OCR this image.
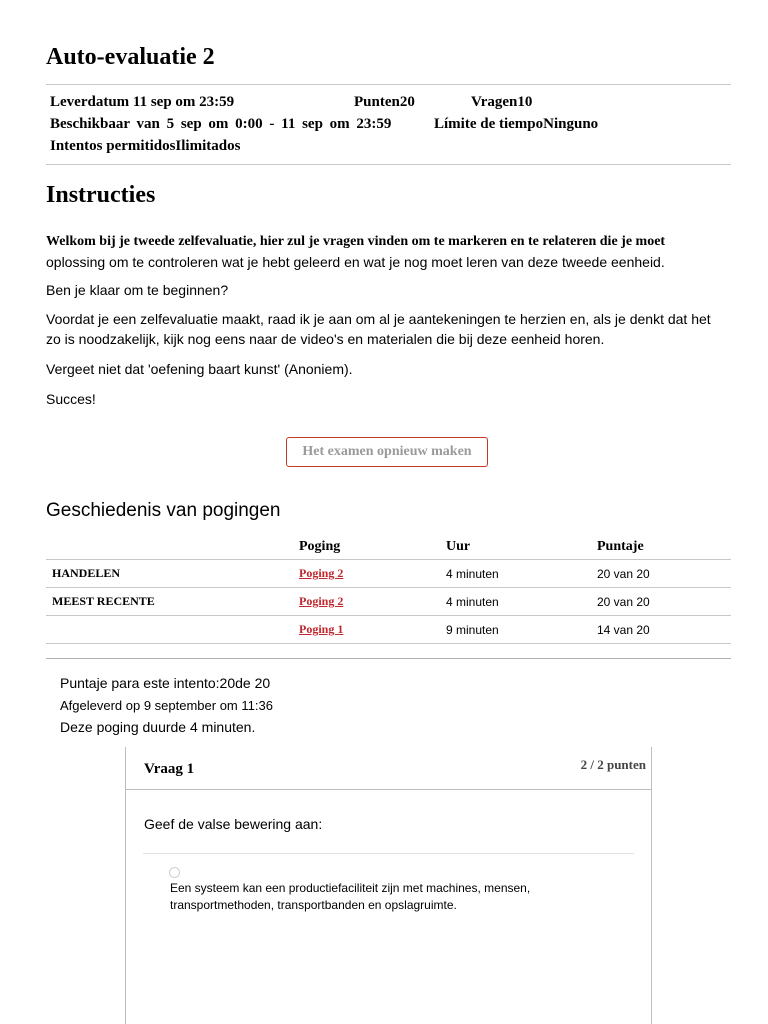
Auto-evaluatie 2
Leverdatum 11 sep om 23:59	Punten20	Vragen10
Beschikbaar van 5 sep om 0:00 - 11 sep om 23:59	Límite de tiempoNinguno
Intentos permitidosIlimitados
Instructies

Welkom bij je tweede zelfevaluatie, hier zul je vragen vinden om te markeren en te relateren die je moet
oplossing om te controleren wat je hebt geleerd en wat je nog moet leren van deze tweede eenheid.

Ben je klaar om te beginnen?

Voordat je een zelfevaluatie maakt, raad ik je aan om al je aantekeningen te herzien en, als je denkt dat het zo is noodzakelijk, kijk nog eens naar de video's en materialen die bij deze eenheid horen.

Vergeet niet dat 'oefening baart kunst' (Anoniem).

Succes!

Het examen opnieuw maken
Geschiedenis van pogingen
	Poging	Uur	Puntaje
HANDELEN	Poging 2	4 minuten	20 van 20
MEEST RECENTE	Poging 2	4 minuten	20 van 20
	Poging 1	9 minuten	14 van 20
Puntaje para este intento:20de 20
Afgeleverd op 9 september om 11:36
Deze poging duurde 4 minuten.
Vraag 1	2 / 2 punten
Geef de valse bewering aan:
Een systeem kan een productiefaciliteit zijn met machines, mensen, transportmethoden, transportbanden en opslagruimte.
